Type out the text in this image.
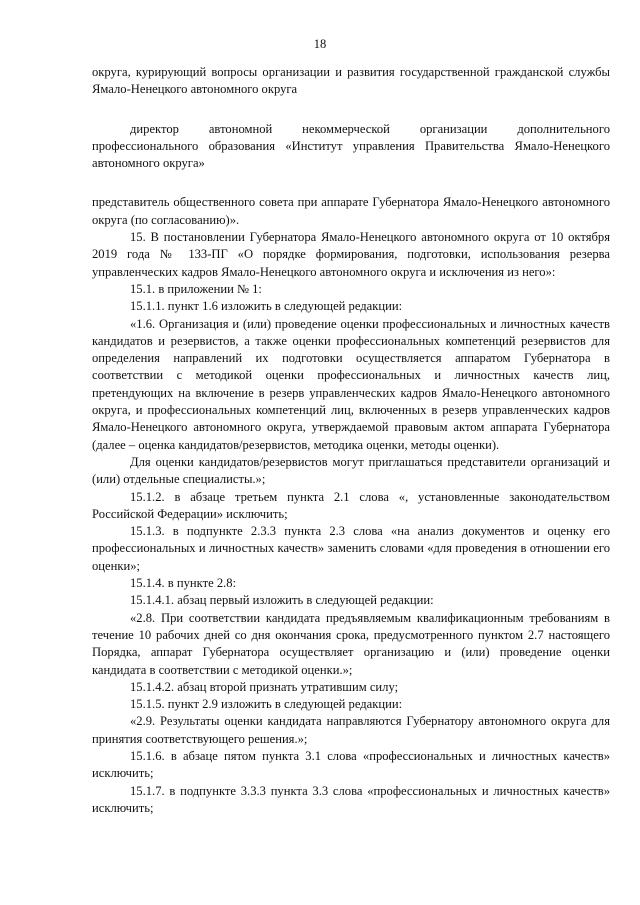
18

округа, курирующий вопросы организации и развития государственной гражданской службы Ямало-Ненецкого автономного округа

директор автономной некоммерческой организации дополнительного профессионального образования «Институт управления Правительства Ямало-Ненецкого автономного округа»

представитель общественного совета при аппарате Губернатора Ямало-Ненецкого автономного округа (по согласованию)».

15. В постановлении Губернатора Ямало-Ненецкого автономного округа от 10 октября 2019 года № 133-ПГ «О порядке формирования, подготовки, использования резерва управленческих кадров Ямало-Ненецкого автономного округа и исключения из него»:

15.1. в приложении № 1:

15.1.1. пункт 1.6 изложить в следующей редакции:

«1.6. Организация и (или) проведение оценки профессиональных и личностных качеств кандидатов и резервистов, а также оценки профессиональных компетенций резервистов для определения направлений их подготовки осуществляется аппаратом Губернатора в соответствии с методикой оценки профессиональных и личностных качеств лиц, претендующих на включение в резерв управленческих кадров Ямало-Ненецкого автономного округа, и профессиональных компетенций лиц, включенных в резерв управленческих кадров Ямало-Ненецкого автономного округа, утверждаемой правовым актом аппарата Губернатора (далее – оценка кандидатов/резервистов, методика оценки, методы оценки).

Для оценки кандидатов/резервистов могут приглашаться представители организаций и (или) отдельные специалисты.»;

15.1.2. в абзаце третьем пункта 2.1 слова «, установленные законодательством Российской Федерации» исключить;

15.1.3. в подпункте 2.3.3 пункта 2.3 слова «на анализ документов и оценку его профессиональных и личностных качеств» заменить словами «для проведения в отношении его оценки»;

15.1.4. в пункте 2.8:

15.1.4.1. абзац первый изложить в следующей редакции:

«2.8. При соответствии кандидата предъявляемым квалификационным требованиям в течение 10 рабочих дней со дня окончания срока, предусмотренного пунктом 2.7 настоящего Порядка, аппарат Губернатора осуществляет организацию и (или) проведение оценки кандидата в соответствии с методикой оценки.»;

15.1.4.2. абзац второй признать утратившим силу;

15.1.5. пункт 2.9 изложить в следующей редакции:

«2.9. Результаты оценки кандидата направляются Губернатору автономного округа для принятия соответствующего решения.»;

15.1.6. в абзаце пятом пункта 3.1 слова «профессиональных и личностных качеств» исключить;

15.1.7. в подпункте 3.3.3 пункта 3.3 слова «профессиональных и личностных качеств» исключить;
